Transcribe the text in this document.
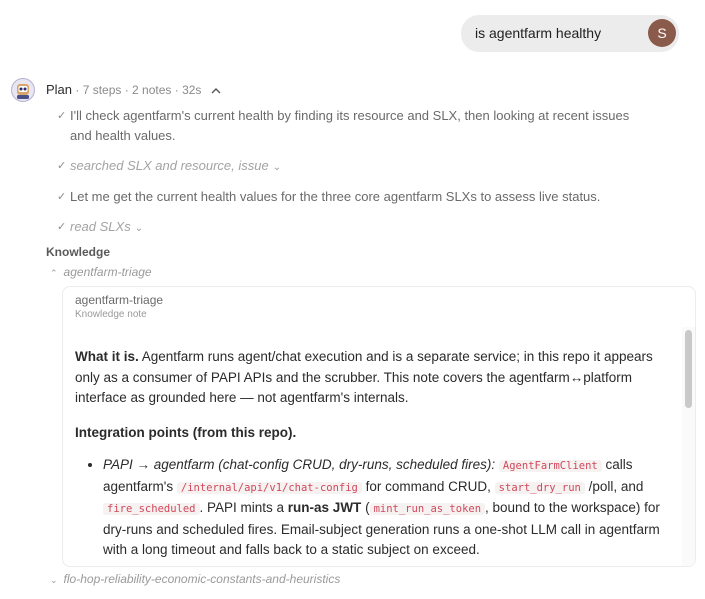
is agentfarm healthy	S
Plan · 7 steps · 2 notes · 32s
✓ I'll check agentfarm's current health by finding its resource and SLX, then looking at recent issues
and health values.
✓ searched SLX and resource, issue ⌄
✓ Let me get the current health values for the three core agentfarm SLXs to assess live status.
✓ read SLXs ⌄
Knowledge
⌃ agentfarm-triage
agentfarm-triage
Knowledge note

What it is. Agentfarm runs agent/chat execution and is a separate service; in this repo it appears only as a consumer of PAPI APIs and the scrubber. This note covers the agentfarm↔platform interface as grounded here — not agentfarm's internals.

Integration points (from this repo).

• PAPI → agentfarm (chat-config CRUD, dry-runs, scheduled fires): AgentFarmClient calls agentfarm's /internal/api/v1/chat-config for command CRUD, start_dry_run /poll, and fire_scheduled . PAPI mints a run-as JWT ( mint_run_as_token , bound to the workspace) for dry-runs and scheduled fires. Email-subject generation runs a one-shot LLM call in agentfarm with a long timeout and falls back to a static subject on exceed.
•
⌄ flo-hop-reliability-economic-constants-and-heuristics
